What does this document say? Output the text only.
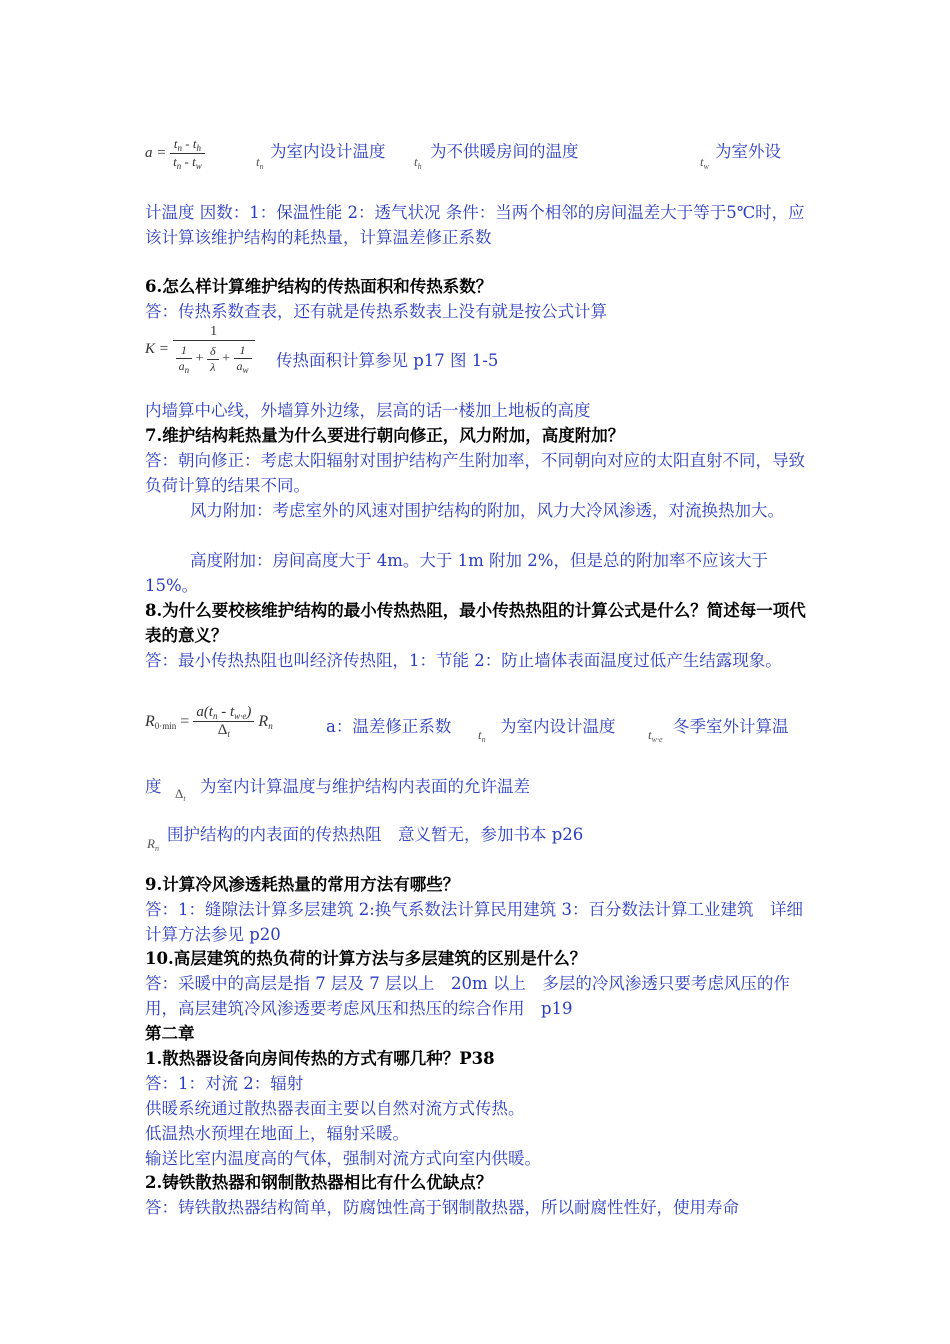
$a = \frac{t_n - t_h}{t_n - t_w}$	$t_n$
为室内设计温度
$t_h$
为不供暖房间的温度
$t_w$
为室外设
计温度 因数：1：保温性能 2：透气状况 条件：当两个相邻的房间温差大于等于5℃时，应该计算该维护结构的耗热量，计算温差修正系数
6.怎么样计算维护结构的传热面积和传热系数？
答：传热系数查表，还有就是传热系数表上没有就是按公式计算
$K = \frac{1}{\frac{1}{a_n} + \frac{\delta}{\lambda} + \frac{1}{a_w}}$ 传热面积计算参见 p17 图 1-5
内墙算中心线，外墙算外边缘，层高的话一楼加上地板的高度
7.维护结构耗热量为什么要进行朝向修正，风力附加，高度附加？
答：朝向修正：考虑太阳辐射对围护结构产生附加率，不同朝向对应的太阳直射不同，导致负荷计算的结果不同。
风力附加：考虑室外的风速对围护结构的附加，风力大冷风渗透，对流换热加大。
高度附加：房间高度大于 4m。大于 1m 附加 2%，但是总的附加率不应该大于 15%。
8.为什么要校核维护结构的最小传热热阻，最小传热热阻的计算公式是什么？简述每一项代表的意义？
答：最小传热热阻也叫经济传热阻，1：节能 2：防止墙体表面温度过低产生结露现象。
$R_{0\cdot min} = \frac{a(t_n - t_{w\cdot e})}{\Delta_t} R_n$	a：温差修正系数 $t_n$
为室内设计温度	$t_{w\cdot e}$
冬季室外计算温
度 $\Delta_t$
为室内计算温度与维护结构内表面的允许温差
$R_n$
围护结构的内表面的传热热阻　意义暂无，参加书本 p26
9.计算冷风渗透耗热量的常用方法有哪些？
答：1：缝隙法计算多层建筑 2:换气系数法计算民用建筑 3：百分数法计算工业建筑　详细计算方法参见 p20
10.高层建筑的热负荷的计算方法与多层建筑的区别是什么？
答：采暖中的高层是指 7 层及 7 层以上　20m 以上　多层的冷风渗透只要考虑风压的作用，高层建筑冷风渗透要考虑风压和热压的综合作用　p19
第二章
1.散热器设备向房间传热的方式有哪几种？P38
答：1：对流 2：辐射
供暖系统通过散热器表面主要以自然对流方式传热。
低温热水预埋在地面上，辐射采暖。
输送比室内温度高的气体，强制对流方式向室内供暖。
2.铸铁散热器和钢制散热器相比有什么优缺点？
答：铸铁散热器结构简单，防腐蚀性高于钢制散热器，所以耐腐性性好，使用寿命
